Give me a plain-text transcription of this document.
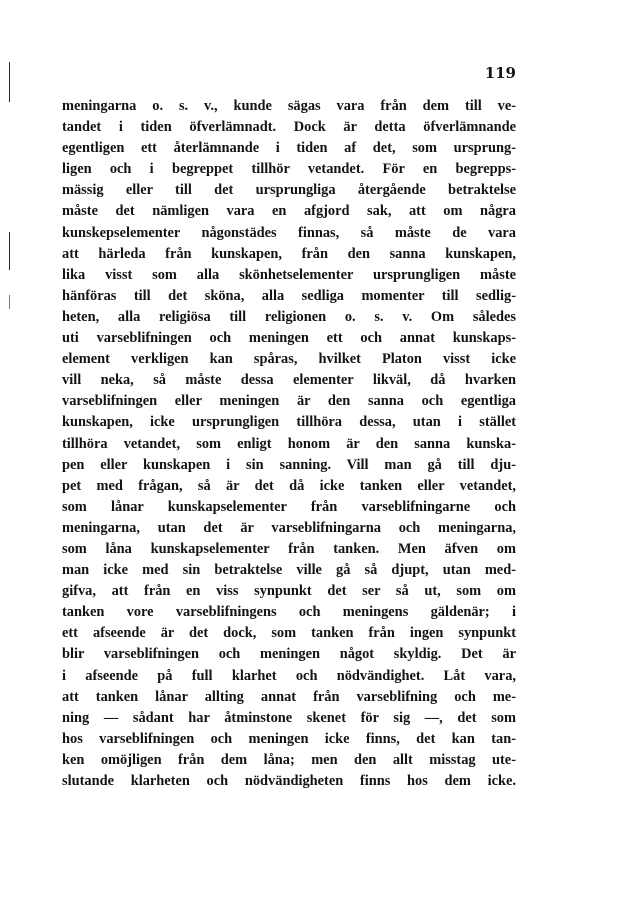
119
meningarna o. s. v., kunde sägas vara från dem till ve-
tandet i tiden öfverlämnadt. Dock är detta öfverlämnande
egentligen ett återlämnande i tiden af det, som ursprung-
ligen och i begreppet tillhör vetandet. För en begrepps-
mässig eller till det ursprungliga återgående betraktelse
måste det nämligen vara en afgjord sak, att om några
kunskepselementer någonstädes finnas, så måste de vara
att härleda från kunskapen, från den sanna kunskapen,
lika visst som alla skönhetselementer ursprungligen måste
hänföras till det sköna, alla sedliga momenter till sedlig-
heten, alla religiösa till religionen o. s. v. Om således
uti varseblifningen och meningen ett och annat kunskaps-
element verkligen kan spåras, hvilket Platon visst icke
vill neka, så måste dessa elementer likväl, då hvarken
varseblifningen eller meningen är den sanna och egentliga
kunskapen, icke ursprungligen tillhöra dessa, utan i stället
tillhöra vetandet, som enligt honom är den sanna kunska-
pen eller kunskapen i sin sanning. Vill man gå till dju-
pet med frågan, så är det då icke tanken eller vetandet,
som lånar kunskapselementer från varseblifningarne och
meningarna, utan det är varseblifningarna och meningarna,
som låna kunskapselementer från tanken. Men äfven om
man icke med sin betraktelse ville gå så djupt, utan med-
gifva, att från en viss synpunkt det ser så ut, som om
tanken vore varseblifningens och meningens gäldenär; i
ett afseende är det dock, som tanken från ingen synpunkt
blir varseblifningen och meningen något skyldig. Det är
i afseende på full klarhet och nödvändighet. Låt vara,
att tanken lånar allting annat från varseblifning och me-
ning — sådant har åtminstone skenet för sig —, det som
hos varseblifningen och meningen icke finns, det kan tan-
ken omöjligen från dem låna; men den allt misstag ute-
slutande klarheten och nödvändigheten finns hos dem icke.
